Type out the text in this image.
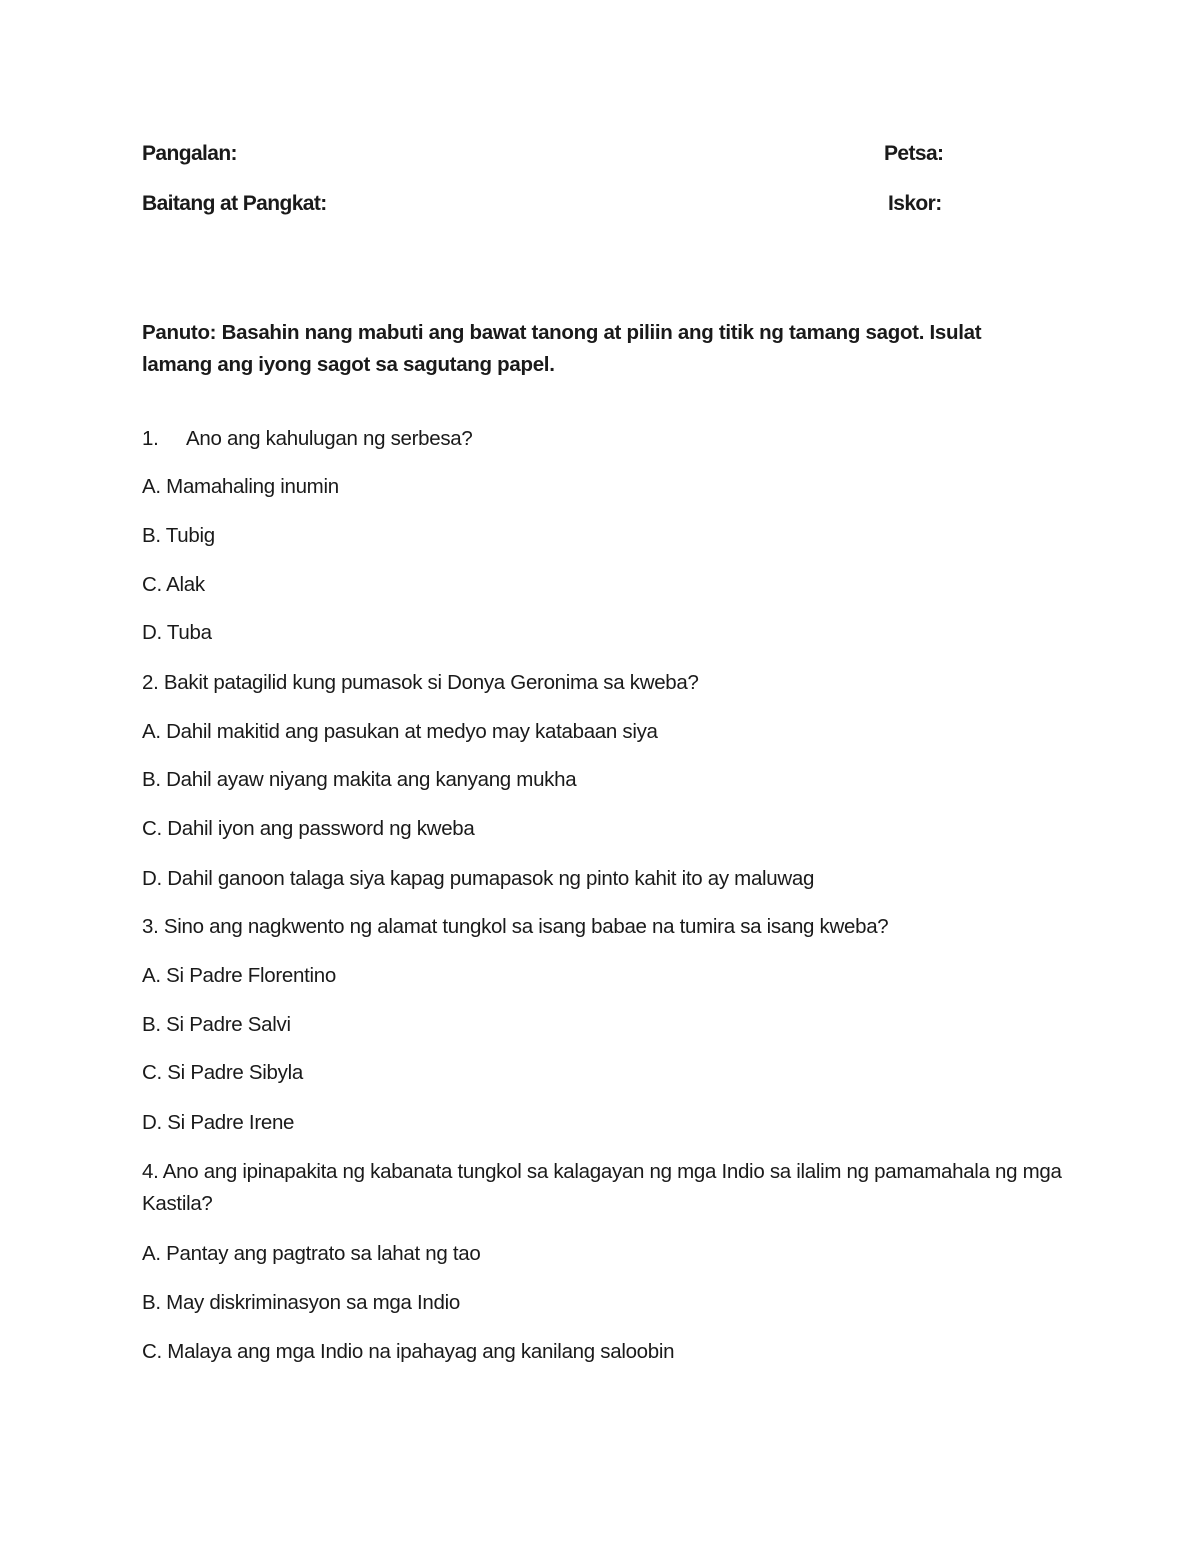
Pangalan:	Petsa:
Baitang at Pangkat:	Iskor:
Panuto: Basahin nang mabuti ang bawat tanong at piliin ang titik ng tamang sagot. Isulat lamang ang iyong sagot sa sagutang papel.
1. Ano ang kahulugan ng serbesa?
A. Mamahaling inumin
B. Tubig
C. Alak
D. Tuba
2. Bakit patagilid kung pumasok si Donya Geronima sa kweba?
A. Dahil makitid ang pasukan at medyo may katabaan siya
B. Dahil ayaw niyang makita ang kanyang mukha
C. Dahil iyon ang password ng kweba
D. Dahil ganoon talaga siya kapag pumapasok ng pinto kahit ito ay maluwag
3. Sino ang nagkwento ng alamat tungkol sa isang babae na tumira sa isang kweba?
A. Si Padre Florentino
B. Si Padre Salvi
C. Si Padre Sibyla
D. Si Padre Irene
4. Ano ang ipinapakita ng kabanata tungkol sa kalagayan ng mga Indio sa ilalim ng pamamahala ng mga Kastila?
A. Pantay ang pagtrato sa lahat ng tao
B. May diskriminasyon sa mga Indio
C. Malaya ang mga Indio na ipahayag ang kanilang saloobin
